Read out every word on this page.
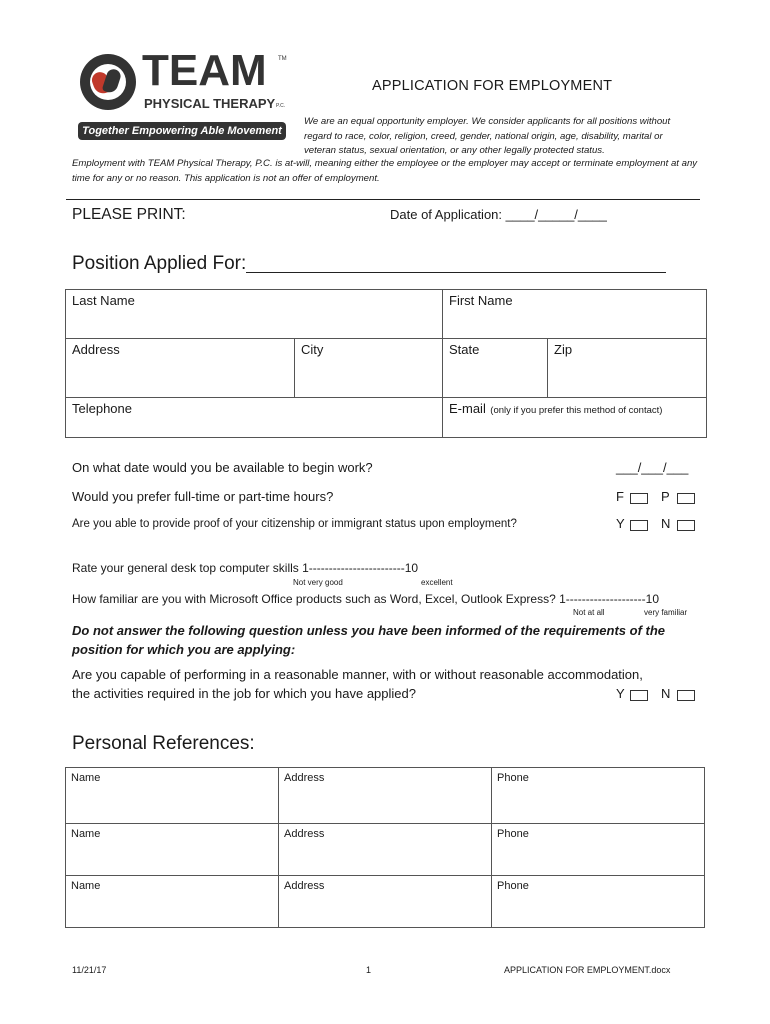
TEAM TM
PHYSICAL THERAPY P.C.
Together Empowering Able Movement
APPLICATION FOR EMPLOYMENT
We are an equal opportunity employer. We consider applicants for all positions without regard to race, color, religion, creed, gender, national origin, age, disability, marital or veteran status, sexual orientation, or any other legally protected status.
Employment with TEAM Physical Therapy, P.C. is at-will, meaning either the employee or the employer may accept or terminate employment at any time for any or no reason. This application is not an offer of employment.
PLEASE PRINT:	Date of Application: ____/_____/____
Position Applied For:
Last Name		First Name	
Address	City	State	Zip
Telephone		E-mail (only if you prefer this method of contact)	
On what date would you be available to begin work?	___/___/___
Would you prefer full-time or part-time hours?	F	P
Are you able to provide proof of your citizenship or immigrant status upon employment?	Y	N
Rate your general desk top computer skills 1------------------------10
Not very good	excellent
How familiar are you with Microsoft Office products such as Word, Excel, Outlook Express? 1--------------------10
Not at all	very familiar
Do not answer the following question unless you have been informed of the requirements of the position for which you are applying:
Are you capable of performing in a reasonable manner, with or without reasonable accommodation,
the activities required in the job for which you have applied?	Y	N
Personal References:
Name	Address	Phone
Name	Address	Phone
Name	Address	Phone
11/21/17	1	APPLICATION FOR EMPLOYMENT.docx
